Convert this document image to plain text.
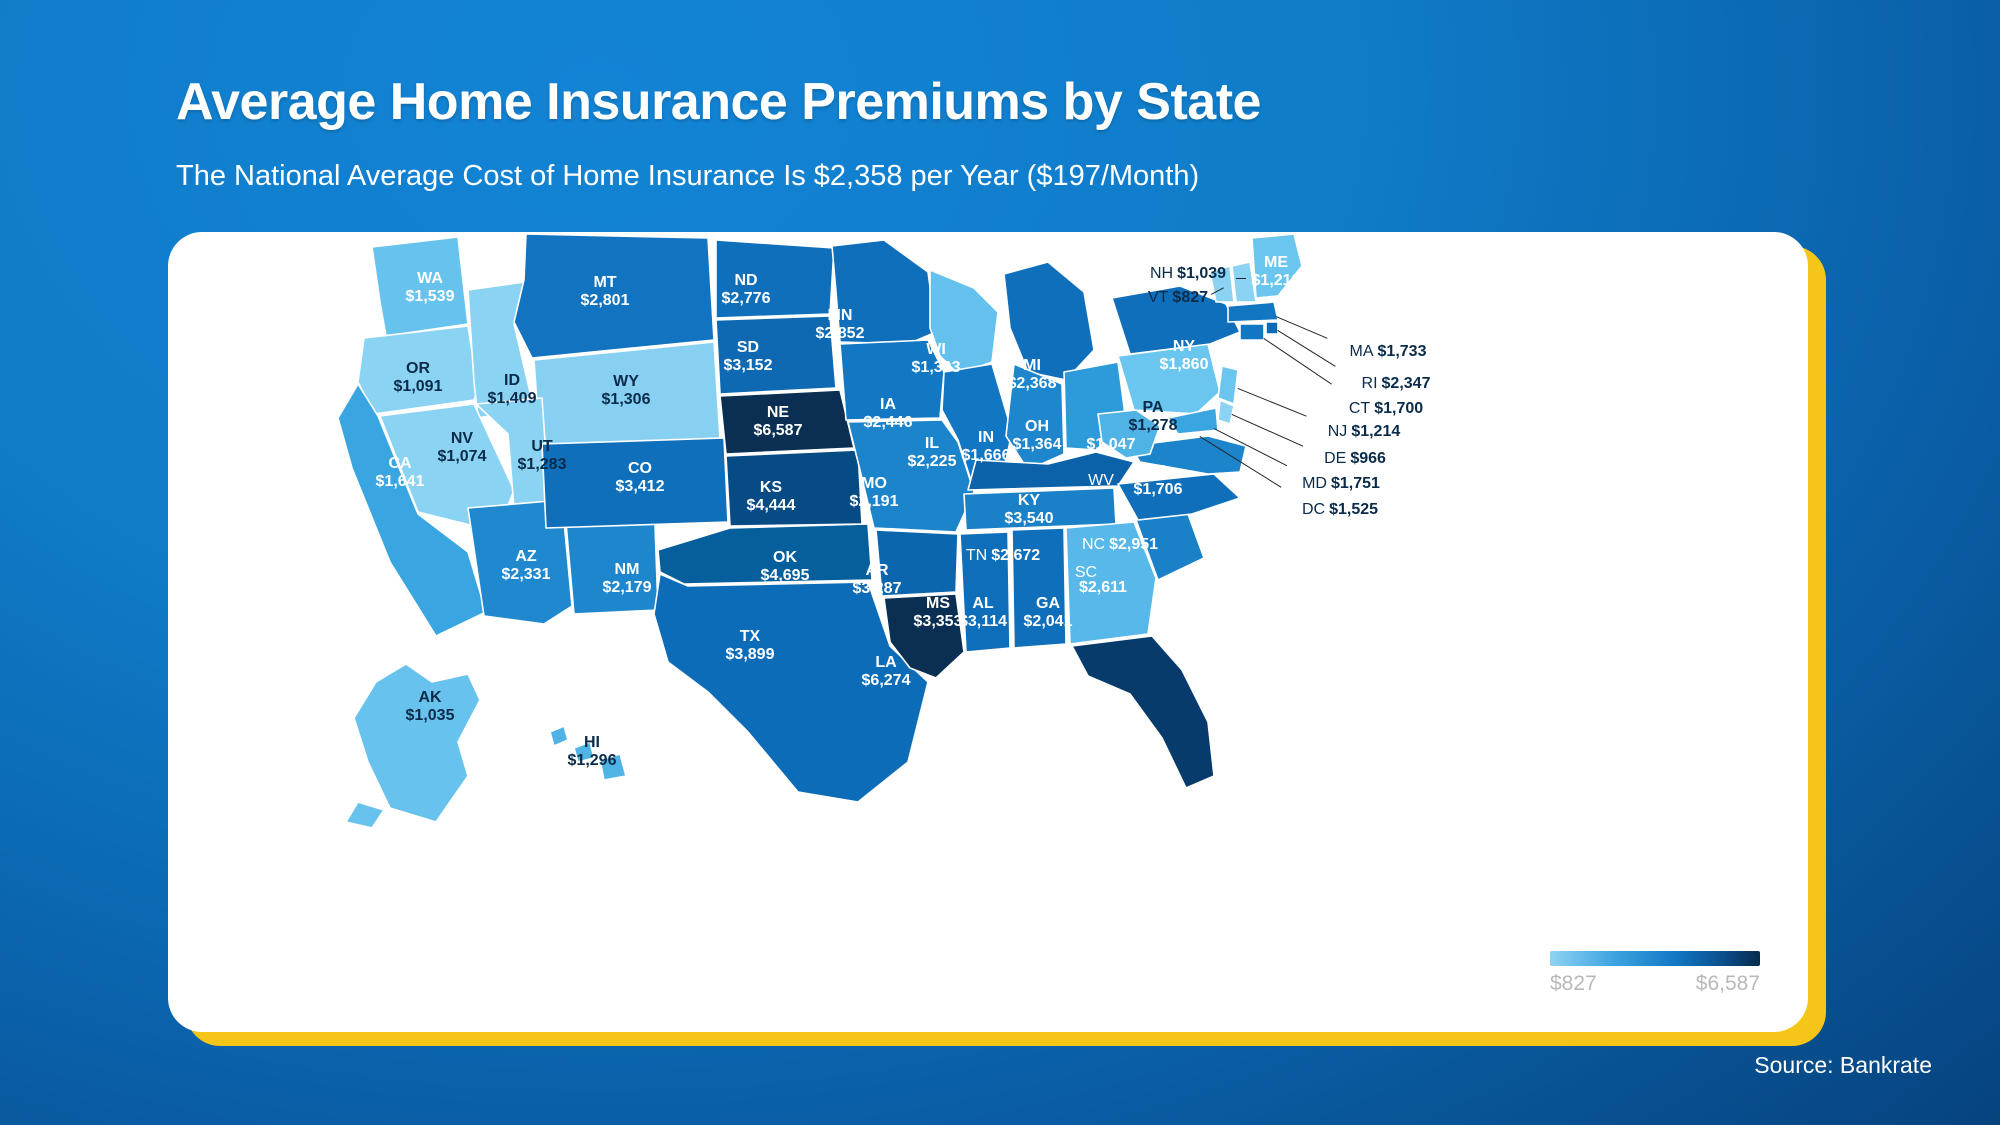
Average Home Insurance Premiums by State
The National Average Cost of Home Insurance Is $2,358 per Year ($197/Month)
WA
$1,539
OR
$1,091	ID
$1,409
MT
$2,801
ND
$2,776
MN
$2,852
WI
$1,303	MI
$2,368
SD
$3,152
WY
$1,306	IA
$2,446
NE
$6,587
NV
$1,074
UT
$1,283
CA
$1,641
CO
$3,412	KS
$4,444
MO
$2,191
IL
$2,225
IN
$1,666
OH
$1,364
PA
$1,278
NY
$1,860
AZ
$2,331	NM
$2,179
OK
$4,695	AR
$3,287
TN $2,672
KY
$3,540
WV
$1,047
VA
$1,706
NC $2,951
SC
$2,611
GA
$2,041
AL
$3,114
MS
$3,353
TX
$3,899	LA
$6,274
FL
$5,838
AK
$1,035
HI
$1,296
ME
$1,219
NH $1,039
VT $827
MA $1,733
RI $2,347
CT $1,700
NJ $1,214
DE $966
MD $1,751
DC $1,525
$827	$6,587
Source: Bankrate
